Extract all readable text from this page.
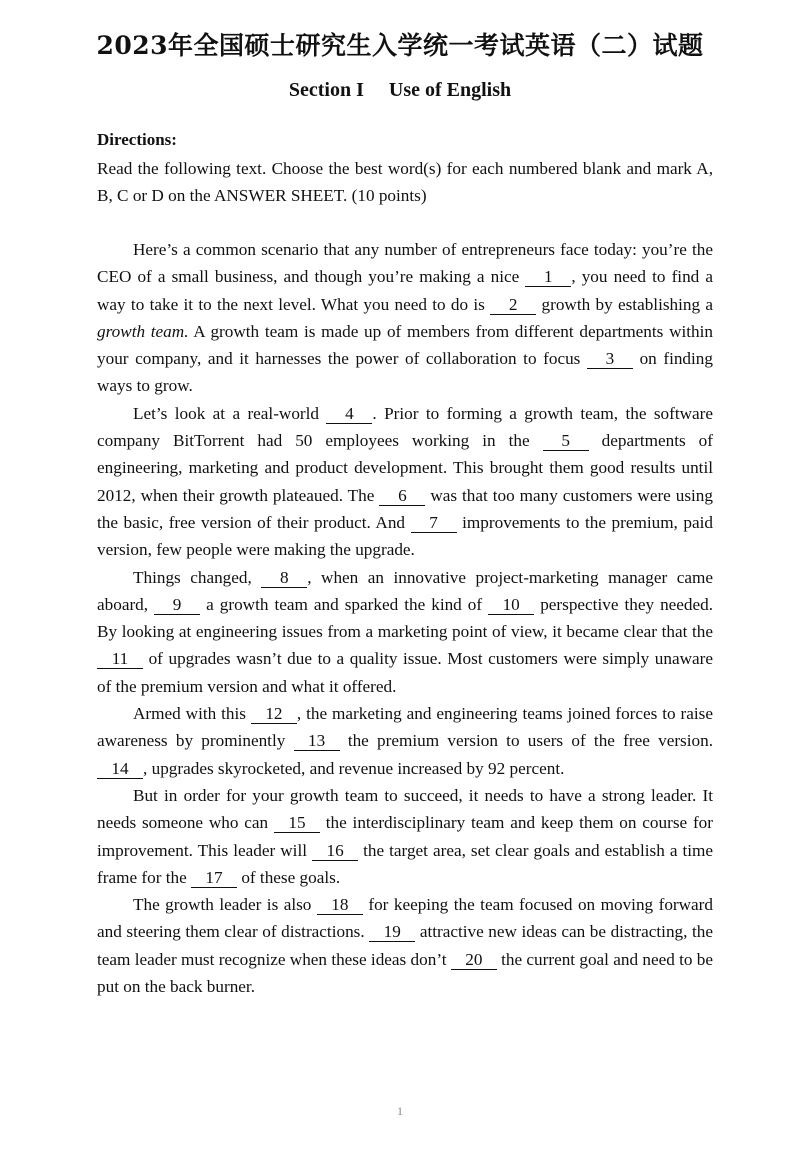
2023年全国硕士研究生入学统一考试英语（二）试题
Section I　 Use of English
Directions:

Read the following text. Choose the best word(s) for each numbered blank and mark A, B, C or D on the ANSWER SHEET. (10 points)

Here’s a common scenario that any number of entrepreneurs face today: you’re the CEO of a small business, and though you’re making a nice 1 , you need to find a way to take it to the next level. What you need to do is 2 growth by establishing a growth team. A growth team is made up of members from different departments within your company, and it harnesses the power of collaboration to focus 3 on finding ways to grow.

Let’s look at a real-world 4 . Prior to forming a growth team, the software company BitTorrent had 50 employees working in the 5 departments of engineering, marketing and product development. This brought them good results until 2012, when their growth plateaued. The 6 was that too many customers were using the basic, free version of their product. And 7 improvements to the premium, paid version, few people were making the upgrade.

Things changed, 8 , when an innovative project-marketing manager came aboard, 9 a growth team and sparked the kind of 10 perspective they needed. By looking at engineering issues from a marketing point of view, it became clear that the 11 of upgrades wasn’t due to a quality issue. Most customers were simply unaware of the premium version and what it offered.

Armed with this 12 , the marketing and engineering teams joined forces to raise awareness by prominently 13 the premium version to users of the free version. 14 , upgrades skyrocketed, and revenue increased by 92 percent.

But in order for your growth team to succeed, it needs to have a strong leader. It needs someone who can 15 the interdisciplinary team and keep them on course for improvement. This leader will 16 the target area, set clear goals and establish a time frame for the 17 of these goals.

The growth leader is also 18 for keeping the team focused on moving forward and steering them clear of distractions. 19 attractive new ideas can be distracting, the team leader must recognize when these ideas don’t 20 the current goal and need to be put on the back burner.

1
